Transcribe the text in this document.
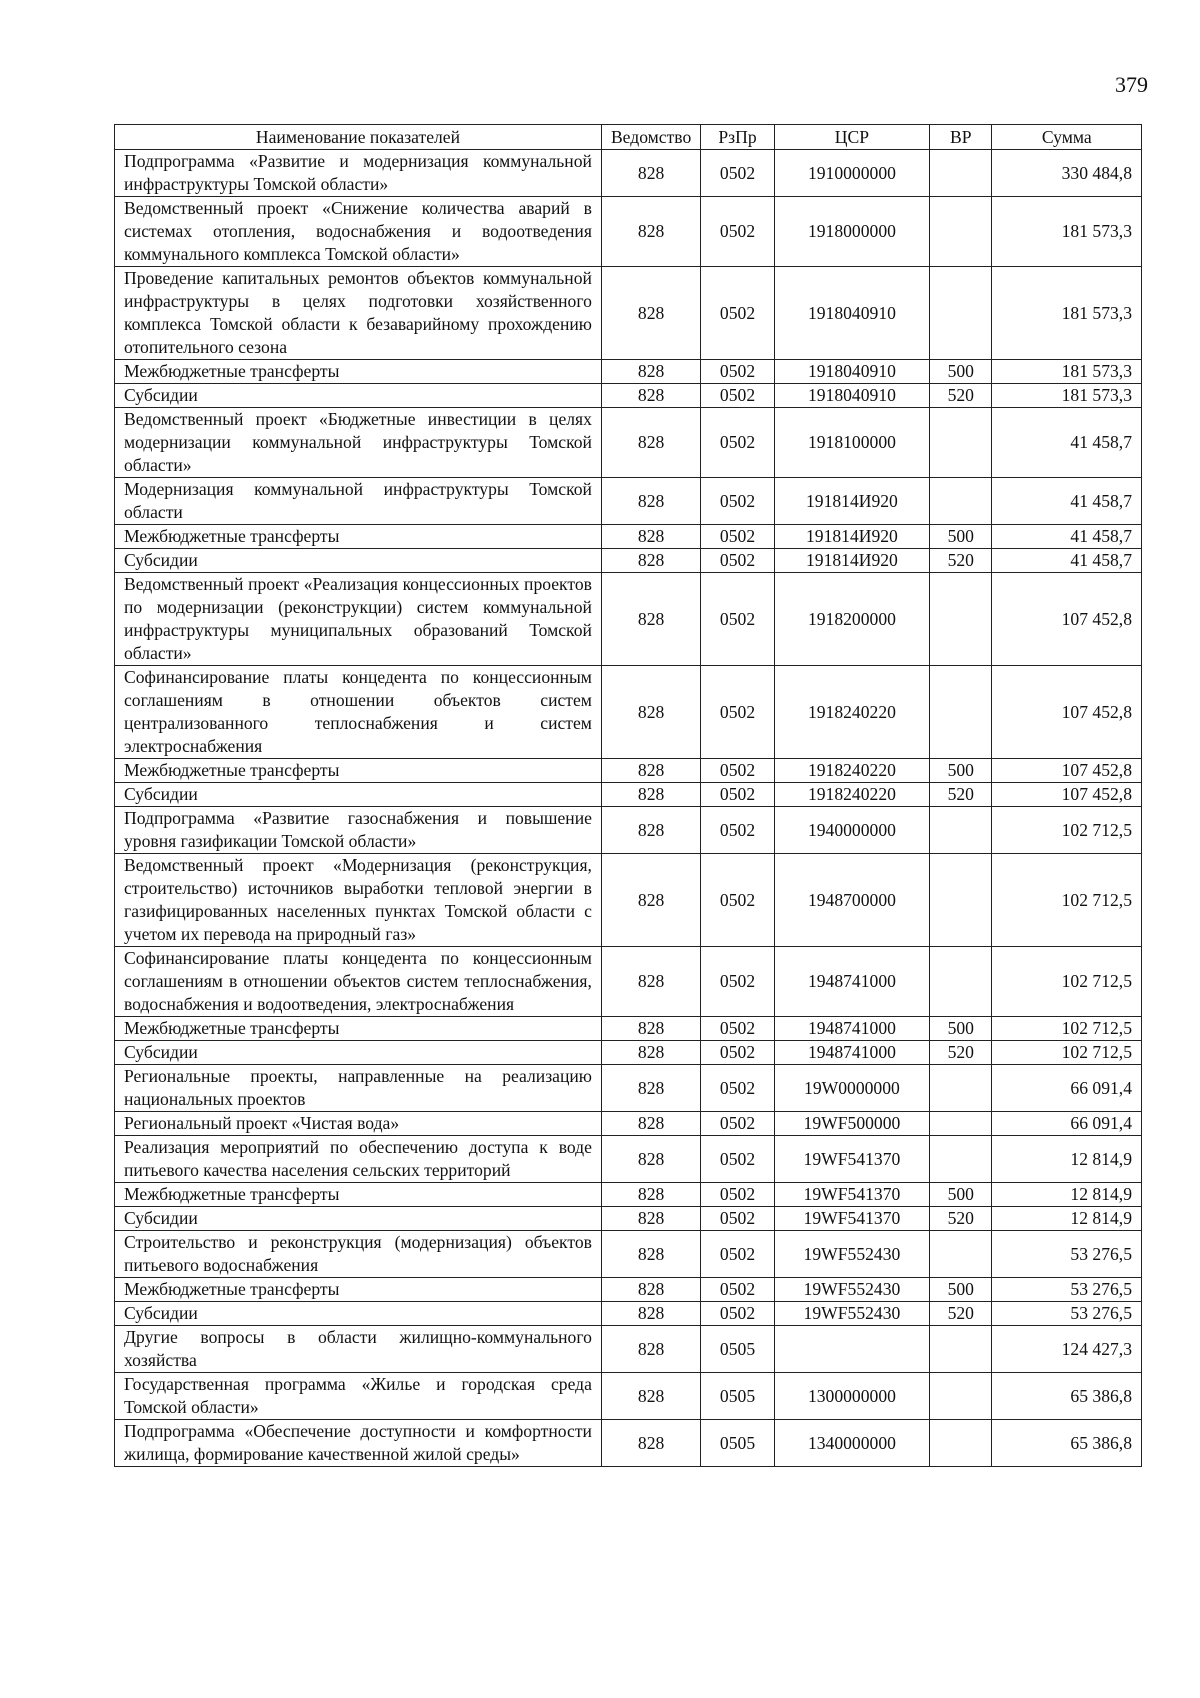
379
Наименование показателей	Ведомство	РзПр	ЦСР	ВР	Сумма
Подпрограмма «Развитие и модернизация коммунальной инфраструктуры Томской области»	828	0502	1910000000		330 484,8
Ведомственный проект «Снижение количества аварий в системах отопления, водоснабжения и водоотведения коммунального комплекса Томской области»	828	0502	1918000000		181 573,3
Проведение капитальных ремонтов объектов коммунальной инфраструктуры в целях подготовки хозяйственного комплекса Томской области к безаварийному прохождению отопительного сезона	828	0502	1918040910		181 573,3
Межбюджетные трансферты	828	0502	1918040910	500	181 573,3
Субсидии	828	0502	1918040910	520	181 573,3
Ведомственный проект «Бюджетные инвестиции в целях модернизации коммунальной инфраструктуры Томской области»	828	0502	1918100000		41 458,7
Модернизация коммунальной инфраструктуры Томской области	828	0502	191814И920		41 458,7
Межбюджетные трансферты	828	0502	191814И920	500	41 458,7
Субсидии	828	0502	191814И920	520	41 458,7
Ведомственный проект «Реализация концессионных проектов по модернизации (реконструкции) систем коммунальной инфраструктуры муниципальных образований Томской области»	828	0502	1918200000		107 452,8
Софинансирование платы концедента по концессионным соглашениям в отношении объектов систем централизованного теплоснабжения и систем электроснабжения	828	0502	1918240220		107 452,8
Межбюджетные трансферты	828	0502	1918240220	500	107 452,8
Субсидии	828	0502	1918240220	520	107 452,8
Подпрограмма «Развитие газоснабжения и повышение уровня газификации Томской области»	828	0502	1940000000		102 712,5
Ведомственный проект «Модернизация (реконструкция, строительство) источников выработки тепловой энергии в газифицированных населенных пунктах Томской области с учетом их перевода на природный газ»	828	0502	1948700000		102 712,5
Софинансирование платы концедента по концессионным соглашениям в отношении объектов систем теплоснабжения, водоснабжения и водоотведения, электроснабжения	828	0502	1948741000		102 712,5
Межбюджетные трансферты	828	0502	1948741000	500	102 712,5
Субсидии	828	0502	1948741000	520	102 712,5
Региональные проекты, направленные на реализацию национальных проектов	828	0502	19W0000000		66 091,4
Региональный проект «Чистая вода»	828	0502	19WF500000		66 091,4
Реализация мероприятий по обеспечению доступа к воде питьевого качества населения сельских территорий	828	0502	19WF541370		12 814,9
Межбюджетные трансферты	828	0502	19WF541370	500	12 814,9
Субсидии	828	0502	19WF541370	520	12 814,9
Строительство и реконструкция (модернизация) объектов питьевого водоснабжения	828	0502	19WF552430		53 276,5
Межбюджетные трансферты	828	0502	19WF552430	500	53 276,5
Субсидии	828	0502	19WF552430	520	53 276,5
Другие вопросы в области жилищно-коммунального хозяйства	828	0505			124 427,3
Государственная программа «Жилье и городская среда Томской области»	828	0505	1300000000		65 386,8
Подпрограмма «Обеспечение доступности и комфортности жилища, формирование качественной жилой среды»	828	0505	1340000000		65 386,8
